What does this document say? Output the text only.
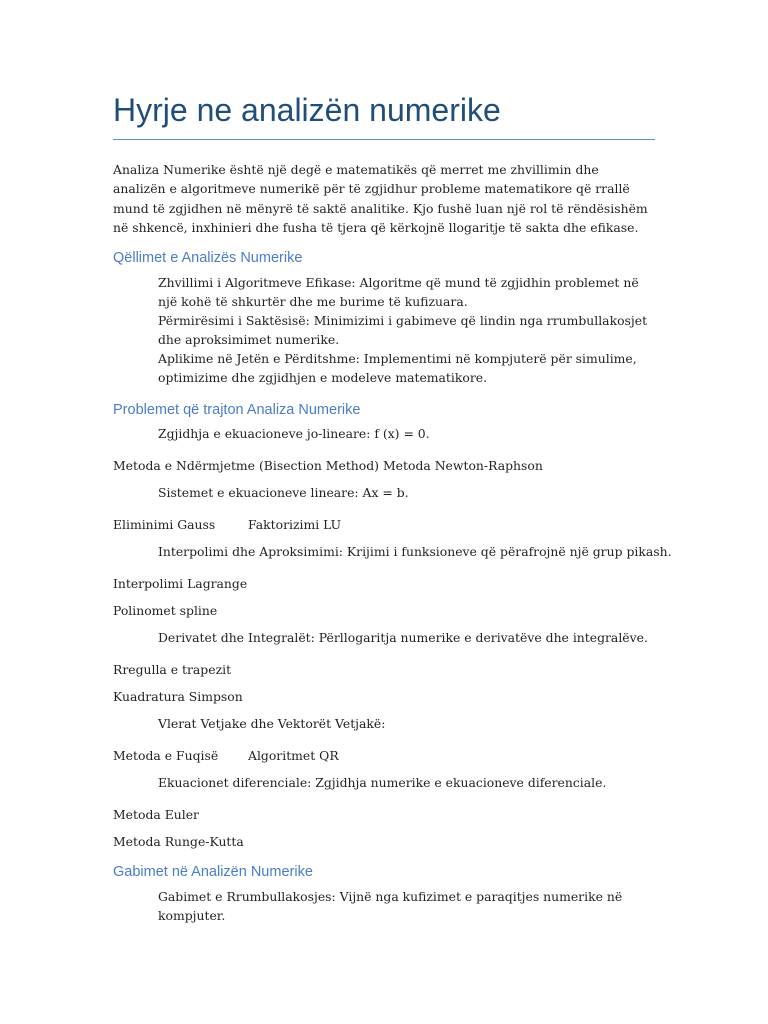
Hyrje ne analizën numerike

Analiza Numerike është një degë e matematikës që merret me zhvillimin dhe analizën e algoritmeve numerikë për të zgjidhur probleme matematikore që rrallë mund të zgjidhen në mënyrë të saktë analitike. Kjo fushë luan një rol të rëndësishëm në shkencë, inxhinieri dhe fusha të tjera që kërkojnë llogaritje të sakta dhe efikase.

Qëllimet e Analizës Numerike

Zhvillimi i Algoritmeve Efikase: Algoritme që mund të zgjidhin problemet në një kohë të shkurtër dhe me burime të kufizuara.

Përmirësimi i Saktësisë: Minimizimi i gabimeve që lindin nga rrumbullakosjet dhe aproksimimet numerike.

Aplikime në Jetën e Përditshme: Implementimi në kompjuterë për simulime, optimizime dhe zgjidhjen e modeleve matematikore.

Problemet që trajton Analiza Numerike

Zgjidhja e ekuacioneve jo-lineare: f (x) = 0.

Metoda e Ndërmjetme (Bisection Method) Metoda Newton-Raphson

Sistemet e ekuacioneve lineare: Ax = b.

Eliminimi Gauss	Faktorizimi LU

Interpolimi dhe Aproksimimi: Krijimi i funksioneve që përafrojnë një grup pikash.

Interpolimi Lagrange

Polinomet spline

Derivatet dhe Integralët: Përllogaritja numerike e derivatëve dhe integralëve.

Rregulla e trapezit

Kuadratura Simpson

Vlerat Vetjake dhe Vektorët Vetjakë:

Metoda e Fuqisë Algoritmet QR

Ekuacionet diferenciale: Zgjidhja numerike e ekuacioneve diferenciale.

Metoda Euler

Metoda Runge-Kutta

Gabimet në Analizën Numerike

Gabimet e Rrumbullakosjes: Vijnë nga kufizimet e paraqitjes numerike në kompjuter.
